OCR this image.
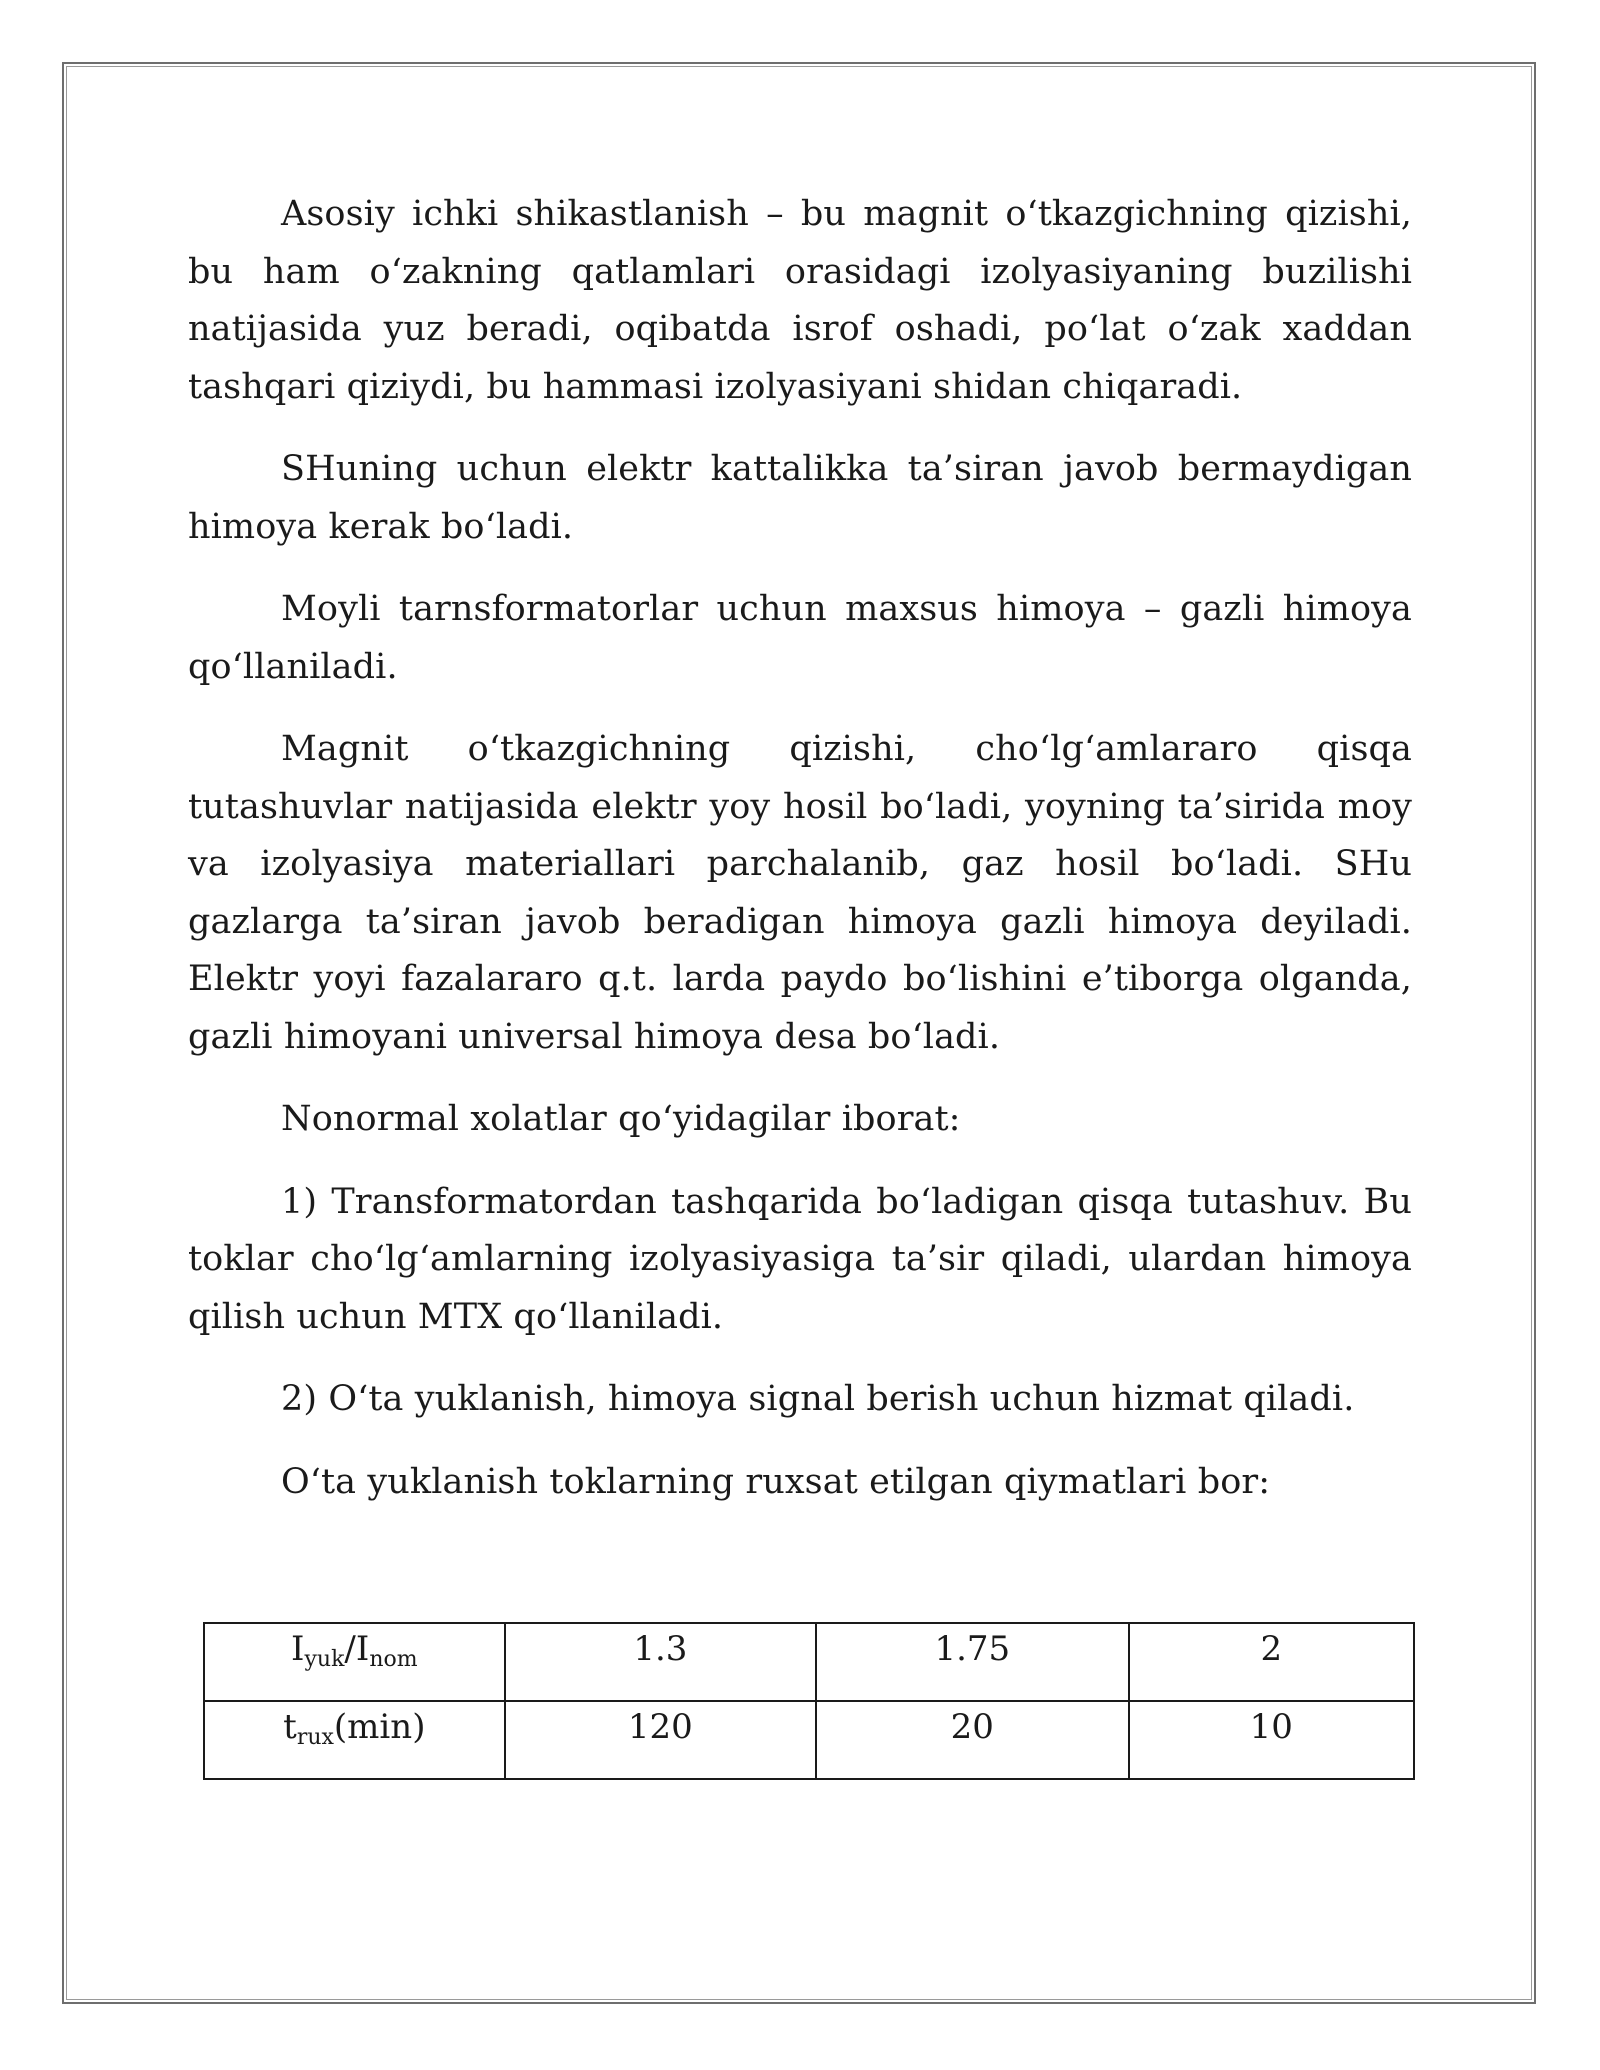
Asosiy ichki shikastlanish – bu magnit o‘tkazgichning qizishi, bu ham o‘zakning qatlamlari orasidagi izolyasiyaning buzilishi natijasida yuz beradi, oqibatda isrof oshadi, po‘lat o‘zak xaddan tashqari qiziydi, bu hammasi izolyasiyani shidan chiqaradi.

SHuning uchun elektr kattalikka ta’siran javob bermaydigan himoya kerak bo‘ladi.

Moyli tarnsformatorlar uchun maxsus himoya – gazli himoya qo‘llaniladi.

Magnit o‘tkazgichning qizishi, cho‘lg‘amlararo qisqa tutashuvlar natijasida elektr yoy hosil bo‘ladi, yoyning ta’sirida moy va izolyasiya materiallari parchalanib, gaz hosil bo‘ladi. SHu gazlarga ta’siran javob beradigan himoya gazli himoya deyiladi. Elektr yoyi fazalararo q.t. larda paydo bo‘lishini e’tiborga olganda, gazli himoyani universal himoya desa bo‘ladi.

Nonormal xolatlar qo‘yidagilar iborat:

1) Transformatordan tashqarida bo‘ladigan qisqa tutashuv. Bu toklar cho‘lg‘amlarning izolyasiyasiga ta’sir qiladi, ulardan himoya qilish uchun MTX qo‘llaniladi.

2) O‘ta yuklanish, himoya signal berish uchun hizmat qiladi.

O‘ta yuklanish toklarning ruxsat etilgan qiymatlari bor:

$I_{yuk}/I_{nom}$	1.3	1.75	2
$t_{rux}(\min)$	120	20	10
